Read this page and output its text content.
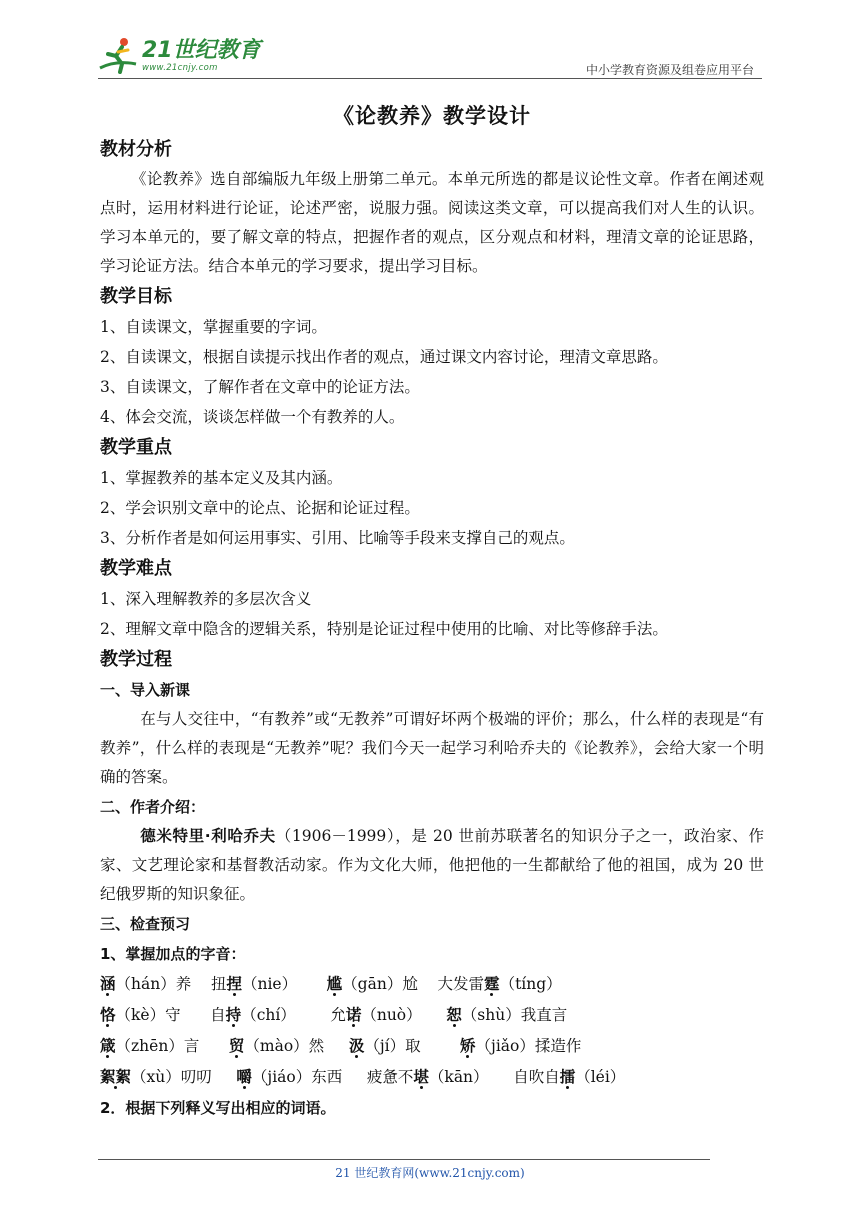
21世纪教育
www.21cnjy.com	中小学教育资源及组卷应用平台
《论教养》教学设计
教材分析

《论教养》选自部编版九年级上册第二单元。本单元所选的都是议论性文章。作者在阐述观点时，运用材料进行论证，论述严密，说服力强。阅读这类文章，可以提高我们对人生的认识。学习本单元的，要了解文章的特点，把握作者的观点，区分观点和材料，理清文章的论证思路，学习论证方法。结合本单元的学习要求，提出学习目标。

教学目标

1、自读课文，掌握重要的字词。

2、自读课文，根据自读提示找出作者的观点，通过课文内容讨论，理清文章思路。

3、自读课文，了解作者在文章中的论证方法。

4、体会交流，谈谈怎样做一个有教养的人。

教学重点

1、掌握教养的基本定义及其内涵。

2、学会识别文章中的论点、论据和论证过程。

3、分析作者是如何运用事实、引用、比喻等手段来支撑自己的观点。

教学难点

1、深入理解教养的多层次含义

2、理解文章中隐含的逻辑关系，特别是论证过程中使用的比喻、对比等修辞手法。

教学过程
一、导入新课

在与人交往中，“有教养”或“无教养”可谓好坏两个极端的评价；那么，什么样的表现是“有教养”，什么样的表现是“无教养”呢？我们今天一起学习利哈乔夫的《论教养》，会给大家一个明确的答案。

二、作者介绍：

德米特里·利哈乔夫（1906－1999），是 20 世前苏联著名的知识分子之一，政治家、作家、文艺理论家和基督教活动家。作为文化大师，他把他的一生都献给了他的祖国，成为 20 世纪俄罗斯的知识象征。

三、检查预习
1、掌握加点的字音：

涵（hán）养    扭捏（nie）      尴（gān）尬    大发雷霆（tíng）

恪（kè）守      自持（chí）       允诺（nuò）     恕（shù）我直言

箴（zhēn）言      贸（mào）然     汲（jí）取        矫（jiǎo）揉造作

絮絮（xù）叨叨     嚼（jiáo）东西     疲惫不堪（kān）     自吹自擂（léi）

2．根据下列释义写出相应的词语。
21 世纪教育网(www.21cnjy.com)
